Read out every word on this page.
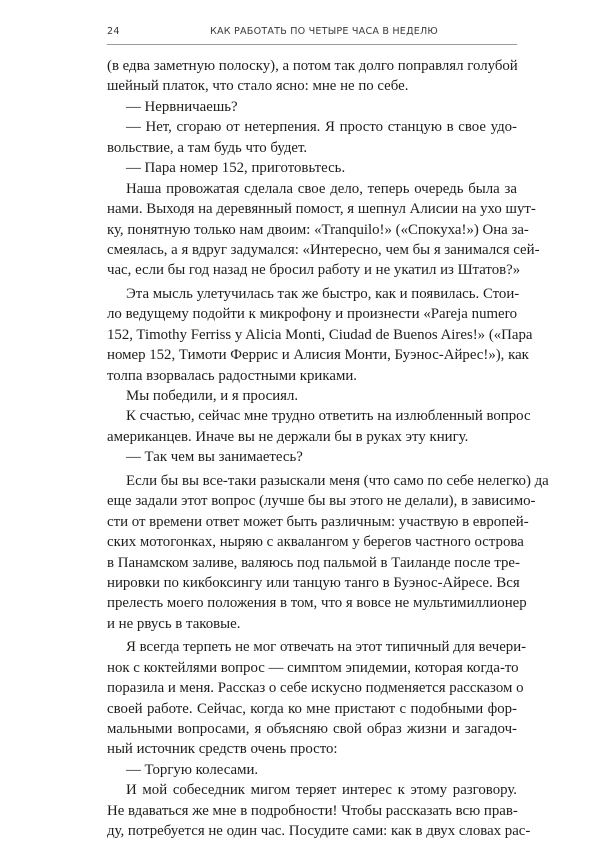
24	КАК РАБОТАТЬ ПО ЧЕТЫРЕ ЧАСА В НЕДЕЛЮ
(в едва заметную полоску), а потом так долго поправлял голубой
шейный платок, что стало ясно: мне не по себе.
— Нервничаешь?
— Нет, сгораю от нетерпения. Я просто станцую в свое удо-
вольствие, а там будь что будет.
— Пара номер 152, приготовьтесь.
Наша провожатая сделала свое дело, теперь очередь была за
нами. Выходя на деревянный помост, я шепнул Алисии на ухо шут-
ку, понятную только нам двоим: «Tranquilo!» («Спокуха!») Она за-
смеялась, а я вдруг задумался: «Интересно, чем бы я занимался сей-
час, если бы год назад не бросил работу и не укатил из Штатов?»
Эта мысль улетучилась так же быстро, как и появилась. Стои-
ло ведущему подойти к микрофону и произнести «Pareja numero
152, Timothy Ferriss y Alicia Monti, Ciudad de Buenos Aires!» («Пара
номер 152, Тимоти Феррис и Алисия Монти, Буэнос-Айрес!»), как
толпа взорвалась радостными криками.
Мы победили, и я просиял.
К счастью, сейчас мне трудно ответить на излюбленный вопрос
американцев. Иначе вы не держали бы в руках эту книгу.
— Так чем вы занимаетесь?
Если бы вы все-таки разыскали меня (что само по себе нелегко) да
еще задали этот вопрос (лучше бы вы этого не делали), в зависимо-
сти от времени ответ может быть различным: участвую в европей-
ских мотогонках, ныряю с аквалангом у берегов частного острова
в Панамском заливе, валяюсь под пальмой в Таиланде после тре-
нировки по кикбоксингу или танцую танго в Буэнос-Айресе. Вся
прелесть моего положения в том, что я вовсе не мультимиллионер
и не рвусь в таковые.
Я всегда терпеть не мог отвечать на этот типичный для вечери-
нок с коктейлями вопрос — симптом эпидемии, которая когда-то
поразила и меня. Рассказ о себе искусно подменяется рассказом о
своей работе. Сейчас, когда ко мне пристают с подобными фор-
мальными вопросами, я объясняю свой образ жизни и загадоч-
ный источник средств очень просто:
— Торгую колесами.
И мой собеседник мигом теряет интерес к этому разговору.
Не вдаваться же мне в подробности! Чтобы рассказать всю прав-
ду, потребуется не один час. Посудите сами: как в двух словах рас-
